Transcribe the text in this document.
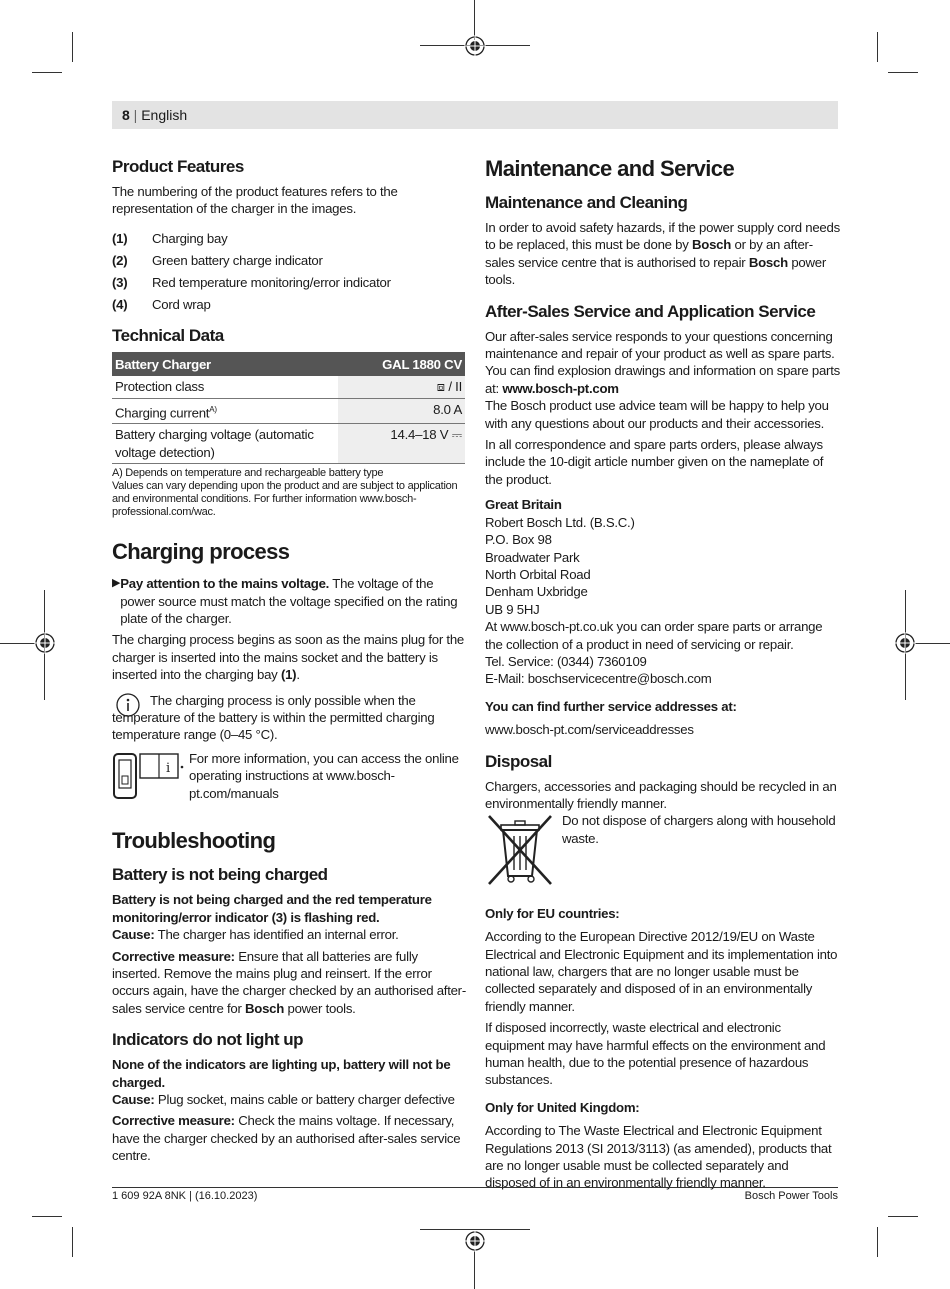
8 | English
Product Features

The numbering of the product features refers to the representation of the charger in the images.

(1)	Charging bay
(2)	Green battery charge indicator
(3)	Red temperature monitoring/error indicator
(4)	Cord wrap
Technical Data
Battery Charger	GAL 1880 CV
Protection class	⧈ / II
Charging current$^{A)}$	8.0 A
Battery charging voltage (automatic voltage detection)	14.4–18 V ⎓
A) Depends on temperature and rechargeable battery type
Values can vary depending upon the product and are subject to application and environmental conditions. For further information www.bosch-professional.com/wac.
Charging process
▶ Pay attention to the mains voltage. The voltage of the power source must match the voltage specified on the rating plate of the charger.

The charging process begins as soon as the mains plug for the charger is inserted into the mains socket and the battery is inserted into the charging bay (1).

The charging process is only possible when the temperature of the battery is within the permitted charging temperature range (0–45 °C).

i

For more information, you can access the online operating instructions at www.bosch-pt.com/manuals

Troubleshooting
Battery is not being charged

Battery is not being charged and the red temperature monitoring/error indicator (3) is flashing red.

Cause: The charger has identified an internal error.

Corrective measure: Ensure that all batteries are fully inserted. Remove the mains plug and reinsert. If the error occurs again, have the charger checked by an authorised after-sales service centre for Bosch power tools.

Indicators do not light up

None of the indicators are lighting up, battery will not be charged.

Cause: Plug socket, mains cable or battery charger defective

Corrective measure: Check the mains voltage. If necessary, have the charger checked by an authorised after-sales service centre.

Maintenance and Service
Maintenance and Cleaning

In order to avoid safety hazards, if the power supply cord needs to be replaced, this must be done by Bosch or by an after-sales service centre that is authorised to repair Bosch power tools.

After-Sales Service and Application Service

Our after-sales service responds to your questions concerning maintenance and repair of your product as well as spare parts. You can find explosion drawings and information on spare parts at: www.bosch-pt.com

The Bosch product use advice team will be happy to help you with any questions about our products and their accessories.

In all correspondence and spare parts orders, please always include the 10-digit article number given on the nameplate of the product.

Great Britain

Robert Bosch Ltd. (B.S.C.)
P.O. Box 98
Broadwater Park
North Orbital Road
Denham Uxbridge
UB 9 5HJ

At www.bosch-pt.co.uk you can order spare parts or arrange the collection of a product in need of servicing or repair.

Tel. Service: (0344) 7360109
E-Mail: boschservicecentre@bosch.com

You can find further service addresses at:

www.bosch-pt.com/serviceaddresses

Disposal

Chargers, accessories and packaging should be recycled in an environmentally friendly manner.

Do not dispose of chargers along with household waste.

Only for EU countries:

According to the European Directive 2012/19/EU on Waste Electrical and Electronic Equipment and its implementation into national law, chargers that are no longer usable must be collected separately and disposed of in an environmentally friendly manner.

If disposed incorrectly, waste electrical and electronic equipment may have harmful effects on the environment and human health, due to the potential presence of hazardous substances.

Only for United Kingdom:

According to The Waste Electrical and Electronic Equipment Regulations 2013 (SI 2013/3113) (as amended), products that are no longer usable must be collected separately and disposed of in an environmentally friendly manner.

1 609 92A 8NK | (16.10.2023)	Bosch Power Tools
